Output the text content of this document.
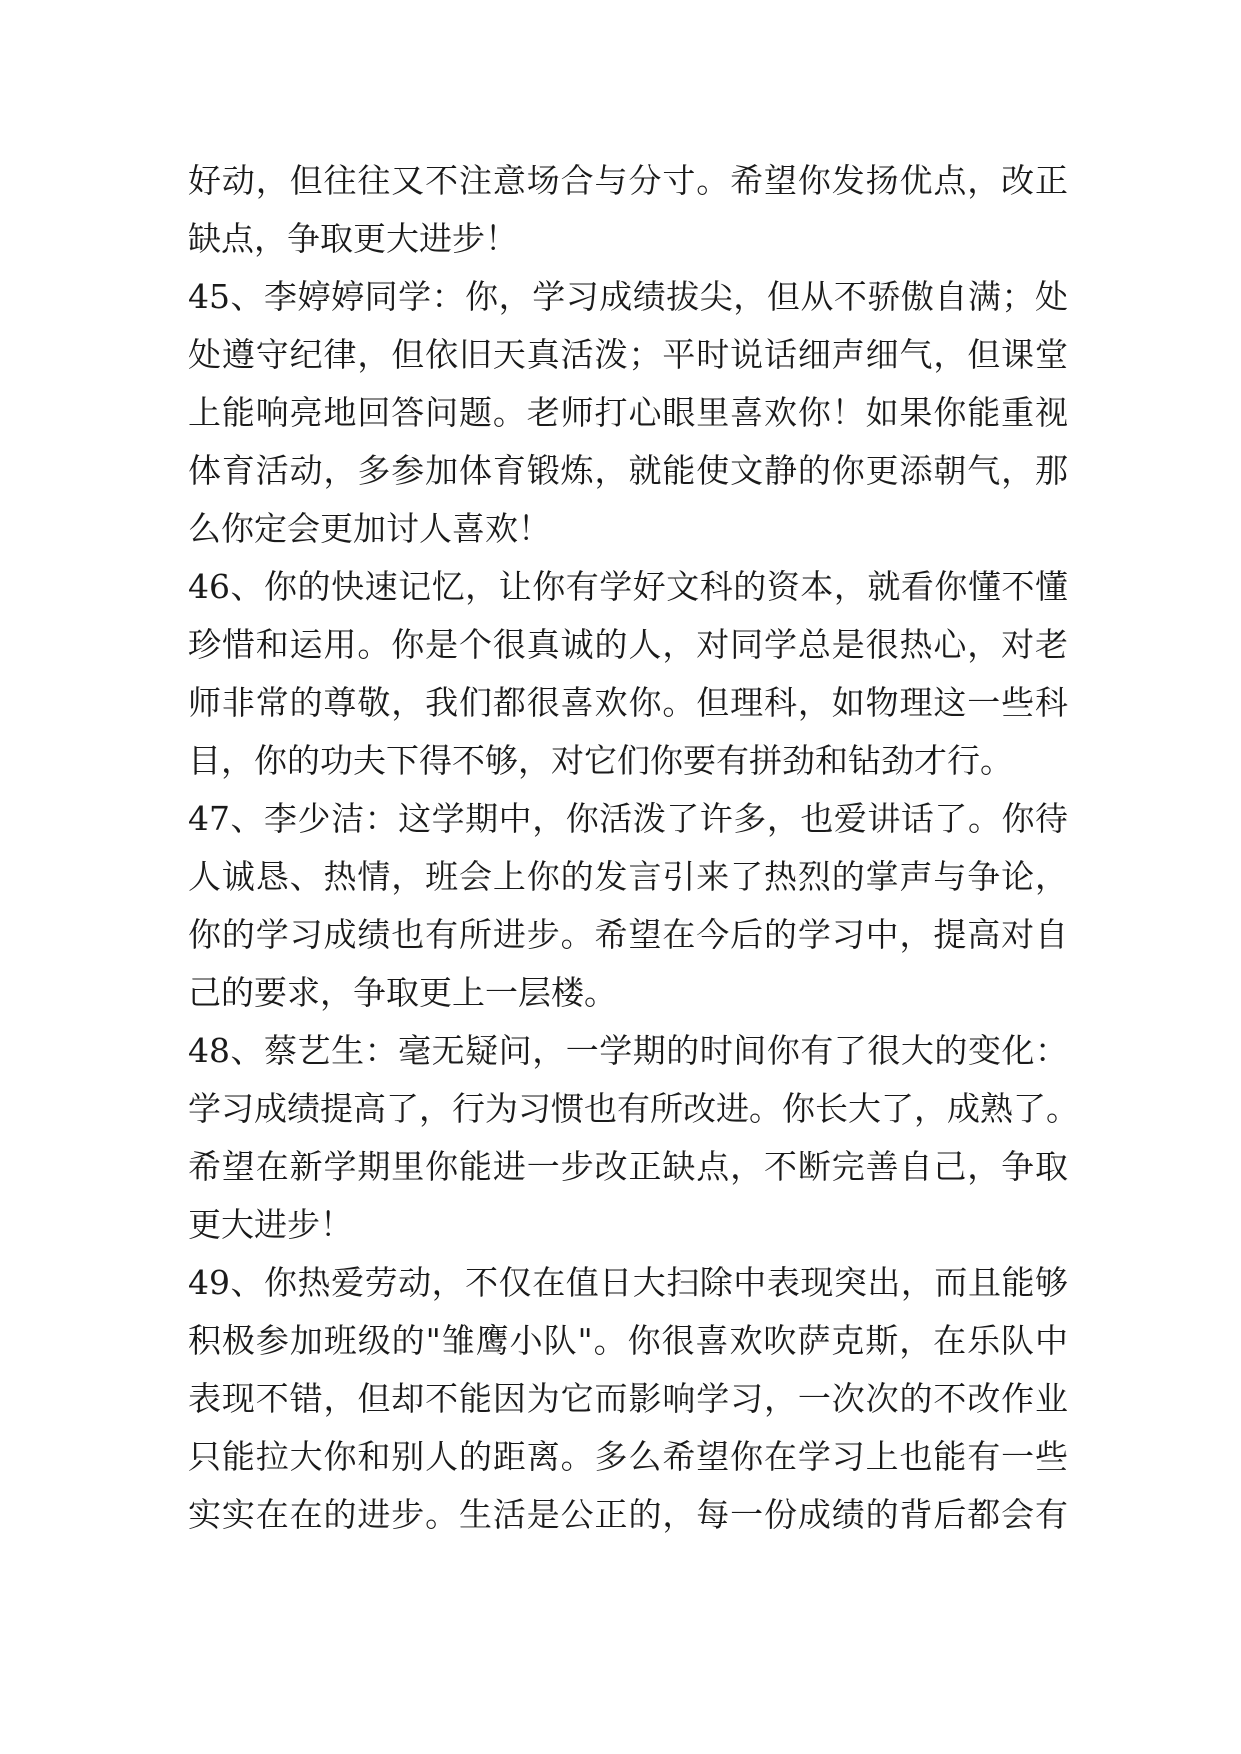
好动，但往往又不注意场合与分寸。希望你发扬优点，改正
缺点，争取更大进步！
45、李婷婷同学：你，学习成绩拔尖，但从不骄傲自满；处
处遵守纪律，但依旧天真活泼；平时说话细声细气，但课堂
上能响亮地回答问题。老师打心眼里喜欢你！如果你能重视
体育活动，多参加体育锻炼，就能使文静的你更添朝气，那
么你定会更加讨人喜欢！
46、你的快速记忆，让你有学好文科的资本，就看你懂不懂
珍惜和运用。你是个很真诚的人，对同学总是很热心，对老
师非常的尊敬，我们都很喜欢你。但理科，如物理这一些科
目，你的功夫下得不够，对它们你要有拼劲和钻劲才行。
47、李少洁：这学期中，你活泼了许多，也爱讲话了。你待
人诚恳、热情，班会上你的发言引来了热烈的掌声与争论，
你的学习成绩也有所进步。希望在今后的学习中，提高对自
己的要求，争取更上一层楼。
48、蔡艺生：毫无疑问，一学期的时间你有了很大的变化：
学习成绩提高了，行为习惯也有所改进。你长大了，成熟了。
希望在新学期里你能进一步改正缺点，不断完善自己，争取
更大进步！
49、你热爱劳动，不仅在值日大扫除中表现突出，而且能够
积极参加班级的"雏鹰小队"。你很喜欢吹萨克斯，在乐队中
表现不错，但却不能因为它而影响学习，一次次的不改作业
只能拉大你和别人的距离。多么希望你在学习上也能有一些
实实在在的进步。生活是公正的，每一份成绩的背后都会有
